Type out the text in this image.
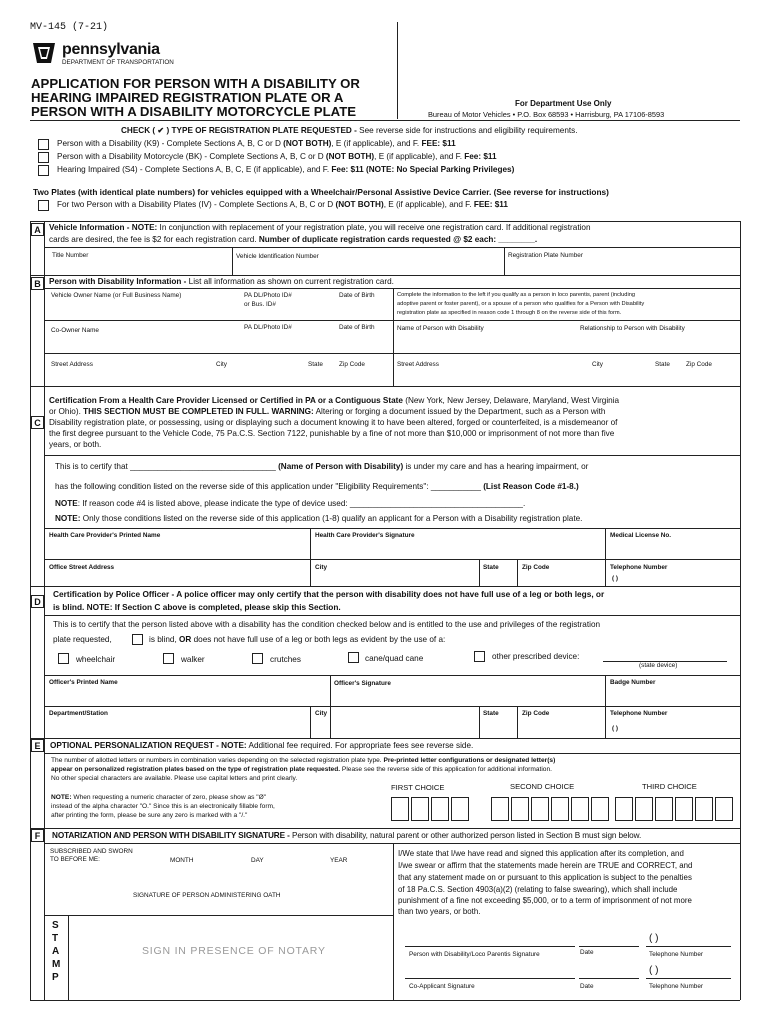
MV-145 (7-21)
pennsylvania
DEPARTMENT OF TRANSPORTATION
APPLICATION FOR PERSON WITH A DISABILITY OR
HEARING IMPAIRED REGISTRATION PLATE OR A
PERSON WITH A DISABILITY MOTORCYCLE PLATE
For Department Use Only
Bureau of Motor Vehicles • P.O. Box 68593 • Harrisburg, PA 17106-8593
CHECK ( ✔ ) TYPE OF REGISTRATION PLATE REQUESTED - See reverse side for instructions and eligibility requirements.
Person with a Disability (K9) - Complete Sections A, B, C or D (NOT BOTH), E (if applicable), and F. FEE: $11
Person with a Disability Motorcycle (BK) - Complete Sections A, B, C or D (NOT BOTH), E (if applicable), and F. Fee: $11
Hearing Impaired (S4) - Complete Sections A, B, C, E (if applicable), and F. Fee: $11 (NOTE: No Special Parking Privileges)
Two Plates (with identical plate numbers) for vehicles equipped with a Wheelchair/Personal Assistive Device Carrier. (See reverse for instructions)
For two Person with a Disability Plates (IV) - Complete Sections A, B, C or D (NOT BOTH), E (if applicable), and F. FEE: $11
A	Vehicle Information - NOTE: In conjunction with replacement of your registration plate, you will receive one registration card. If additional registration
cards are desired, the fee is $2 for each registration card. Number of duplicate registration cards requested @ $2 each: ________.
Title Number	Vehicle Identification Number	Registration Plate Number
B	Person with Disability Information - List all information as shown on current registration card.
Vehicle Owner Name (or Full Business Name)	PA DL/Photo ID#
or Bus. ID#
Date of Birth	Complete the information to the left if you qualify as a person in loco parentis, parent (including
adoptive parent or foster parent), or a spouse of a person who qualifies for a Person with Disability
registration plate as specified in reason code 1 through 8 on the reverse side of this form.
Co-Owner Name	PA DL/Photo ID#	Date of Birth	Name of Person with Disability	Relationship to Person with Disability
Street Address	City	State	Zip Code	Street Address	City	State	Zip Code
C
Certification From a Health Care Provider Licensed or Certified in PA or a Contiguous State (New York, New Jersey, Delaware, Maryland, West Virginia
or Ohio). THIS SECTION MUST BE COMPLETED IN FULL. WARNING: Altering or forging a document issued by the Department, such as a Person with
Disability registration plate, or possessing, using or displaying such a document knowing it to have been altered, forged or counterfeited, is a misdemeanor of
the first degree pursuant to the Vehicle Code, 75 Pa.C.S. Section 7122, punishable by a fine of not more than $10,000 or imprisonment of not more than five
years, or both.
This is to certify that ________________________________ (Name of Person with Disability) is under my care and has a hearing impairment, or
has the following condition listed on the reverse side of this application under "Eligibility Requirements": ___________ (List Reason Code #1-8.)
NOTE: If reason code #4 is listed above, please indicate the type of device used: ______________________________________.
NOTE: Only those conditions listed on the reverse side of this application (1-8) qualify an applicant for a Person with a Disability registration plate.
Health Care Provider's Printed Name	Health Care Provider's Signature	Medical License No.
Office Street Address	City	State	Zip Code	Telephone Number
( )
D
Certification by Police Officer - A police officer may only certify that the person with disability does not have full use of a leg or both legs, or
is blind. NOTE: If Section C above is completed, please skip this Section.
This is to certify that the person listed above with a disability has the condition checked below and is entitled to the use and privileges of the registration
plate requested,	is blind, OR does not have full use of a leg or both legs as evident by the use of a:
wheelchair	walker	crutches	cane/quad cane	other prescribed device:
(state device)
Officer's Printed Name	Officer's Signature	Badge Number
Department/Station	City	State	Zip Code	Telephone Number
( )
E	OPTIONAL PERSONALIZATION REQUEST - NOTE: Additional fee required. For appropriate fees see reverse side.
The number of allotted letters or numbers in combination varies depending on the selected registration plate type. Pre-printed letter configurations or designated letter(s)
appear on personalized registration plates based on the type of registration plate requested. Please see the reverse side of this application for additional information.
No other special characters are available. Please use capital letters and print clearly.
NOTE: When requesting a numeric character of zero, please show as "Ø"
instead of the alpha character "O." Since this is an electronically fillable form,
after printing the form, please be sure any zero is marked with a "/."
FIRST CHOICE	SECOND CHOICE	THIRD CHOICE
F	NOTARIZATION AND PERSON WITH DISABILITY SIGNATURE - Person with disability, natural parent or other authorized person listed in Section B must sign below.
SUBSCRIBED AND SWORN
TO BEFORE ME:	MONTH	DAY	YEAR
SIGNATURE OF PERSON ADMINISTERING OATH
S
T
A
M
P
SIGN IN PRESENCE OF NOTARY
I/We state that I/we have read and signed this application after its completion, and
I/we swear or affirm that the statements made herein are TRUE and CORRECT, and
that any statement made on or pursuant to this application is subject to the penalties
of 18 Pa.C.S. Section 4903(a)(2) (relating to false swearing), which shall include
punishment of a fine not exceeding $5,000, or to a term of imprisonment of not more
than two years, or both.
( )
Person with Disability/Loco Parentis Signature	Date	Telephone Number
( )
Co-Applicant Signature	Date	Telephone Number
